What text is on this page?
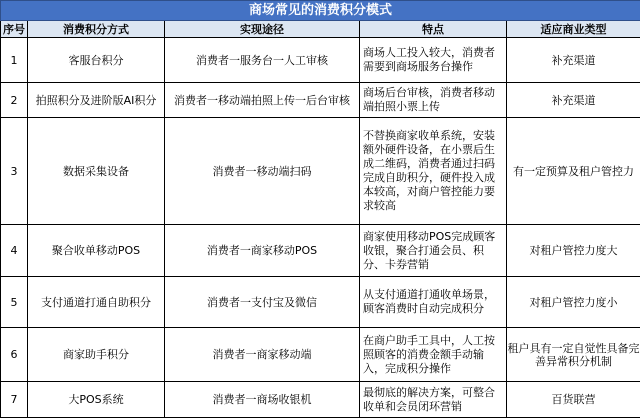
商场常见的消费积分模式				
序号	消费积分方式	实现途径	特点	适应商业类型
1	客服台积分	消费者一服务台一人工审核	商场人工投入较大，消费者需要到商场服务台操作	补充渠道
2	拍照积分及进阶版AI积分	消费者一移动端拍照上传一后台审核	商场后台审核，消费者移动端拍照小票上传	补充渠道
3	数据采集设备	消费者一移动端扫码	不替换商家收单系统，安装额外硬件设备，在小票后生成二维码，消费者通过扫码完成自助积分，硬件投入成本较高，对商户管控能力要求较高	有一定预算及租户管控力
4	聚合收单移动POS	消费者一商家移动POS	商家使用移动POS完成顾客收银，聚合打通会员、积分、卡券营销	对租户管控力度大
5	支付通道打通自助积分	消费者一支付宝及微信	从支付通道打通收单场景，顾客消费时自动完成积分	对租户管控力度小
6	商家助手积分	消费者一商家移动端	在商户助手工具中，人工按照顾客的消费金额手动输入，完成积分操作	租户具有一定自觉性具备完善异常积分机制
7	大POS系统	消费者一商场收银机	最彻底的解决方案，可整合收单和会员闭环营销	百货联营
